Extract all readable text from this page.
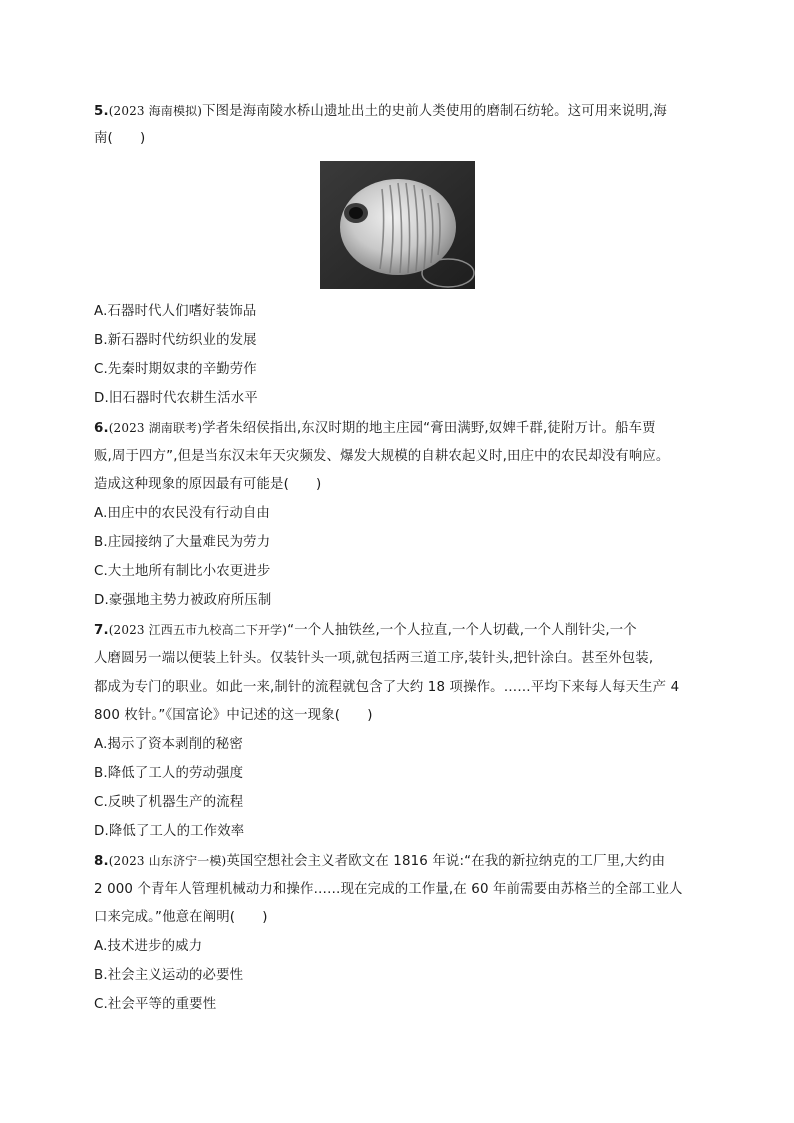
5.(2023 海南模拟)下图是海南陵水桥山遗址出土的史前人类使用的磨制石纺轮。这可用来说明,海
南(　　)
A.石器时代人们嗜好装饰品
B.新石器时代纺织业的发展
C.先秦时期奴隶的辛勤劳作
D.旧石器时代农耕生活水平
6.(2023 湖南联考)学者朱绍侯指出,东汉时期的地主庄园“膏田满野,奴婢千群,徒附万计。船车贾
贩,周于四方”,但是当东汉末年天灾频发、爆发大规模的自耕农起义时,田庄中的农民却没有响应。
造成这种现象的原因最有可能是(　　)
A.田庄中的农民没有行动自由
B.庄园接纳了大量难民为劳力
C.大土地所有制比小农更进步
D.豪强地主势力被政府所压制
7.(2023 江西五市九校高二下开学)“一个人抽铁丝,一个人拉直,一个人切截,一个人削针尖,一个
人磨圆另一端以便装上针头。仅装针头一项,就包括两三道工序,装针头,把针涂白。甚至外包装,
都成为专门的职业。如此一来,制针的流程就包含了大约 18 项操作。……平均下来每人每天生产 4
800 枚针。”《国富论》中记述的这一现象(　　)
A.揭示了资本剥削的秘密
B.降低了工人的劳动强度
C.反映了机器生产的流程
D.降低了工人的工作效率
8.(2023 山东济宁一模)英国空想社会主义者欧文在 1816 年说:“在我的新拉纳克的工厂里,大约由
2 000 个青年人管理机械动力和操作……现在完成的工作量,在 60 年前需要由苏格兰的全部工业人
口来完成。”他意在阐明(　　)
A.技术进步的威力
B.社会主义运动的必要性
C.社会平等的重要性
